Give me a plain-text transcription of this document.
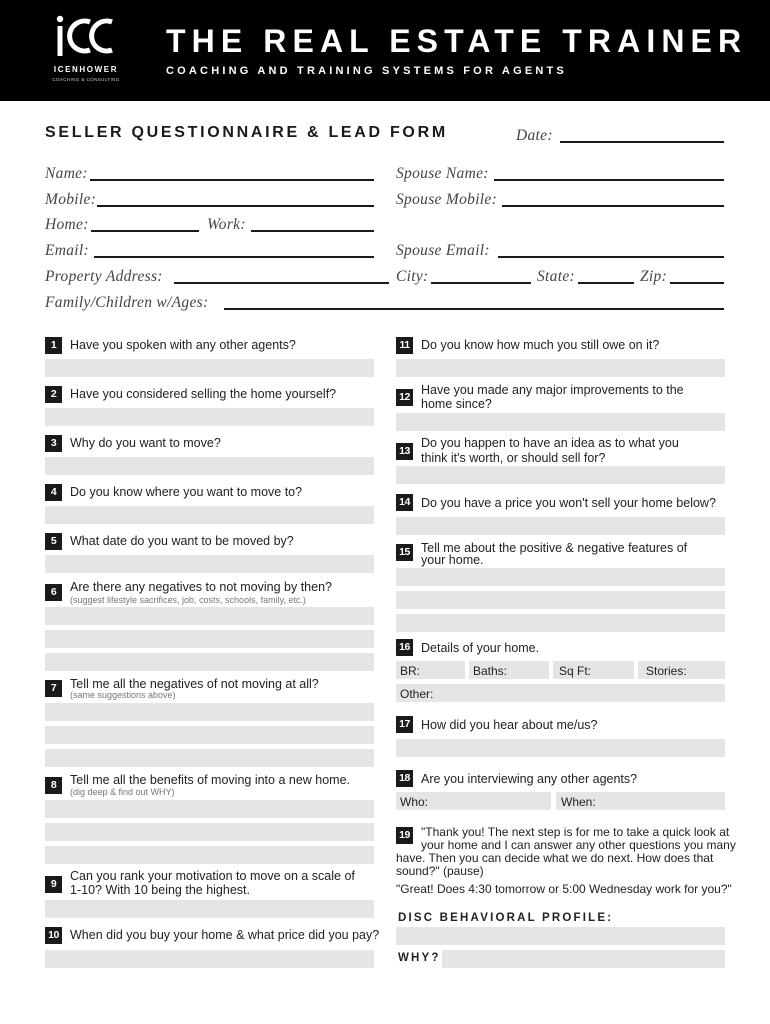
ICENHOWER
COACHING & CONSULTING
THE REAL ESTATE TRAINER
COACHING AND TRAINING SYSTEMS FOR AGENTS
SELLER QUESTIONNAIRE & LEAD FORM	Date:
Name:	Spouse Name:
Mobile:	Spouse Mobile:
Home:	Work:
Email:	Spouse Email:
Property Address:	City:	State:	Zip:
Family/Children w/Ages:
1	Have you spoken with any other agents?
2	Have you considered selling the home yourself?
3	Why do you want to move?
4	Do you know where you want to move to?
5	What date do you want to be moved by?
6	Are there any negatives to not moving by then?
(suggest lifestyle sacrifices, job, costs, schools, family, etc.)
7	Tell me all the negatives of not moving at all?
(same suggestions above)
8	Tell me all the benefits of moving into a new home.
(dig deep & find out WHY)
9
Can you rank your motivation to move on a scale of
1-10? With 10 being the highest.
10 When did you buy your home & what price did you pay?
11 Do you know how much you still owe on it?
12 Have you made any major improvements to the
home since?
13
Do you happen to have an idea as to what you
think it's worth, or should sell for?
14 Do you have a price you won't sell your home below?
15 Tell me about the positive & negative features of
your home.
16 Details of your home.
BR:	Baths:	Sq Ft:	Stories:
Other:
17 How did you hear about me/us?
18 Are you interviewing any other agents?
Who:	When:
19 "Thank you! The next step is for me to take a quick look at
your home and I can answer any other questions you many
have. Then you can decide what we do next. How does that
sound?" (pause)
"Great! Does 4:30 tomorrow or 5:00 Wednesday work for you?"
DISC BEHAVIORAL PROFILE:
WHY?
